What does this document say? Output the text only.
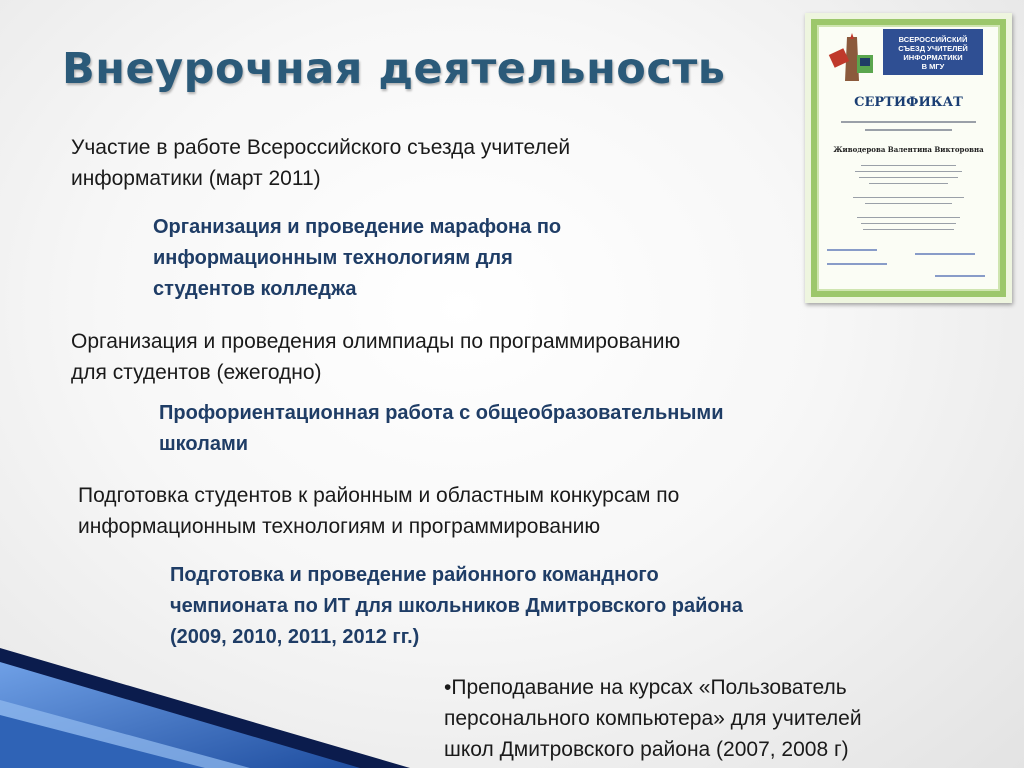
Внеурочная деятельность
ВСЕРОССИЙСКИЙ
СЪЕЗД УЧИТЕЛЕЙ
ИНФОРМАТИКИ
В МГУ
СЕРТИФИКАТ
Живодерова Валентина Викторовна
Участие в работе Всероссийского съезда учителей
информатики (март 2011)
Организация и проведение марафона по
информационным технологиям для
студентов колледжа
Организация и проведения олимпиады по программированию
для студентов (ежегодно)
Профориентационная работа с общеобразовательными
школами
Подготовка студентов к районным и областным конкурсам по
информационным технологиям и программированию
Подготовка и проведение районного командного
чемпионата по ИТ для школьников Дмитровского района
(2009, 2010, 2011, 2012 гг.)
•Преподавание на курсах «Пользователь
персонального компьютера» для учителей
школ Дмитровского района (2007, 2008 г)
